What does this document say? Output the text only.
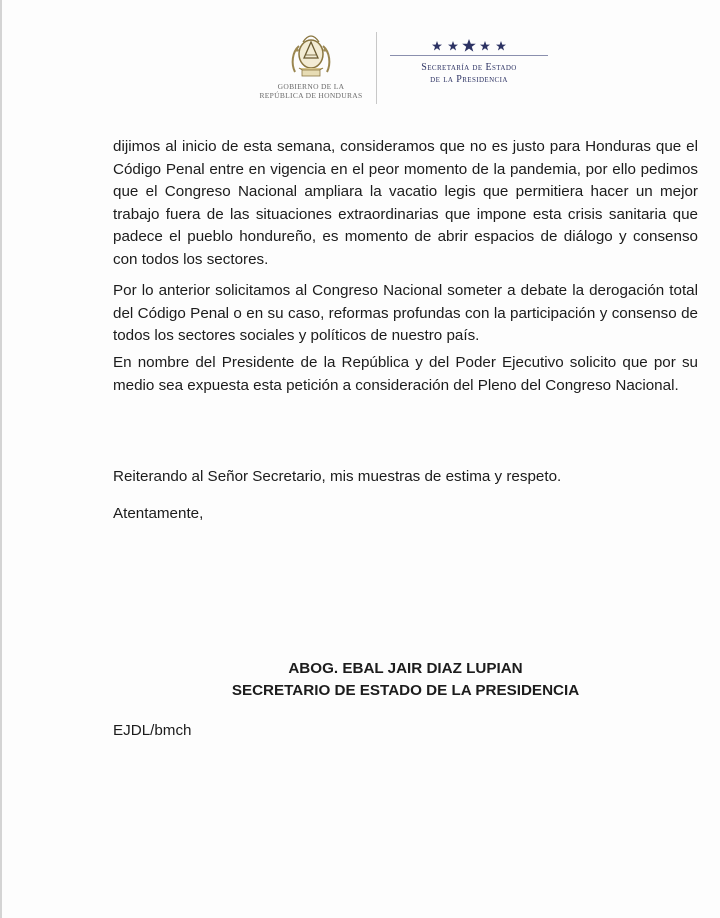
GOBIERNO DE LA
REPÚBLICA DE HONDURAS
Secretaría de Estado
de la Presidencia

dijimos al inicio de esta semana, consideramos que no es justo para Honduras que el Código Penal entre en vigencia en el peor momento de la pandemia, por ello pedimos que el Congreso Nacional ampliara la vacatio legis que permitiera hacer un mejor trabajo fuera de las situaciones extraordinarias que impone esta crisis sanitaria que padece el pueblo hondureño, es momento de abrir espacios de diálogo y consenso con todos los sectores.

Por lo anterior solicitamos al Congreso Nacional someter a debate la derogación total del Código Penal o en su caso, reformas profundas con la participación y consenso de todos los sectores sociales y políticos de nuestro país.

En nombre del Presidente de la República y del Poder Ejecutivo solicito que por su medio sea expuesta esta petición a consideración del Pleno del Congreso Nacional.

Reiterando al Señor Secretario, mis muestras de estima y respeto.

Atentamente,

ABOG. EBAL JAIR DIAZ LUPIAN
SECRETARIO DE ESTADO DE LA PRESIDENCIA

EJDL/bmch
